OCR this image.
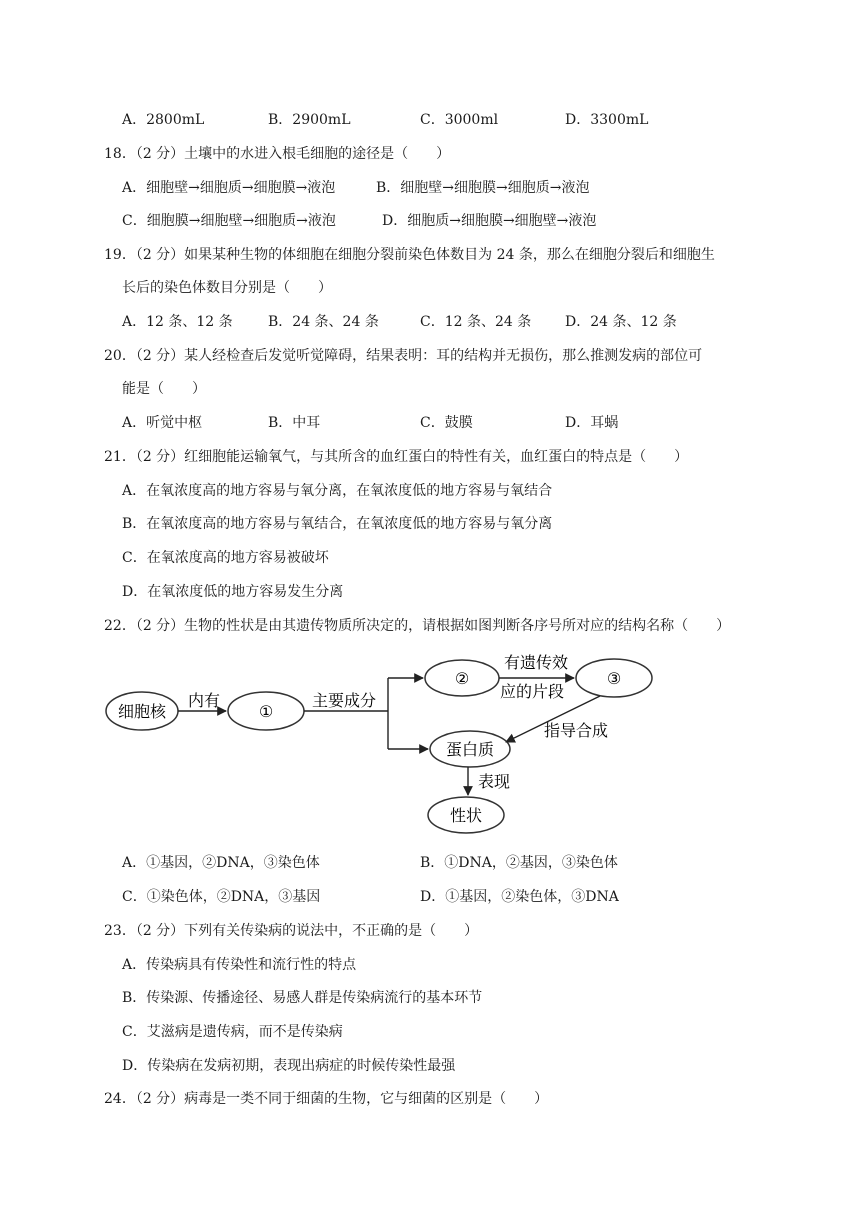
A．2800mL	B．2900mL	C．3000ml	D．3300mL
18．（2 分）土壤中的水进入根毛细胞的途径是（　　）
A．细胞壁→细胞质→细胞膜→液泡	B．细胞壁→细胞膜→细胞质→液泡
C．细胞膜→细胞壁→细胞质→液泡	D．细胞质→细胞膜→细胞壁→液泡
19．（2 分）如果某种生物的体细胞在细胞分裂前染色体数目为 24 条，那么在细胞分裂后和细胞生
长后的染色体数目分别是（　　）
A．12 条、12 条	B．24 条、24 条	C．12 条、24 条 D．24 条、12 条
20．（2 分）某人经检查后发觉听觉障碍，结果表明：耳的结构并无损伤，那么推测发病的部位可
能是（　　）
A．听觉中枢	B．中耳	C．鼓膜	D．耳蜗
21．（2 分）红细胞能运输氧气，与其所含的血红蛋白的特性有关，血红蛋白的特点是（　　）
A．在氧浓度高的地方容易与氧分离，在氧浓度低的地方容易与氧结合
B．在氧浓度高的地方容易与氧结合，在氧浓度低的地方容易与氧分离
C．在氧浓度高的地方容易被破坏
D．在氧浓度低的地方容易发生分离
22．（2 分）生物的性状是由其遗传物质所决定的，请根据如图判断各序号所对应的结构名称（　　）
细胞核	①
②	③
蛋白质
性状
内有	主要成分
有遗传效
应的片段
指导合成
表现
A．①基因，②DNA，③染色体	B．①DNA，②基因，③染色体
C．①染色体，②DNA，③基因	D．①基因，②染色体，③DNA
23．（2 分）下列有关传染病的说法中，不正确的是（　　）
A．传染病具有传染性和流行性的特点
B．传染源、传播途径、易感人群是传染病流行的基本环节
C．艾滋病是遗传病，而不是传染病
D．传染病在发病初期，表现出病症的时候传染性最强
24．（2 分）病毒是一类不同于细菌的生物，它与细菌的区别是（　　）
